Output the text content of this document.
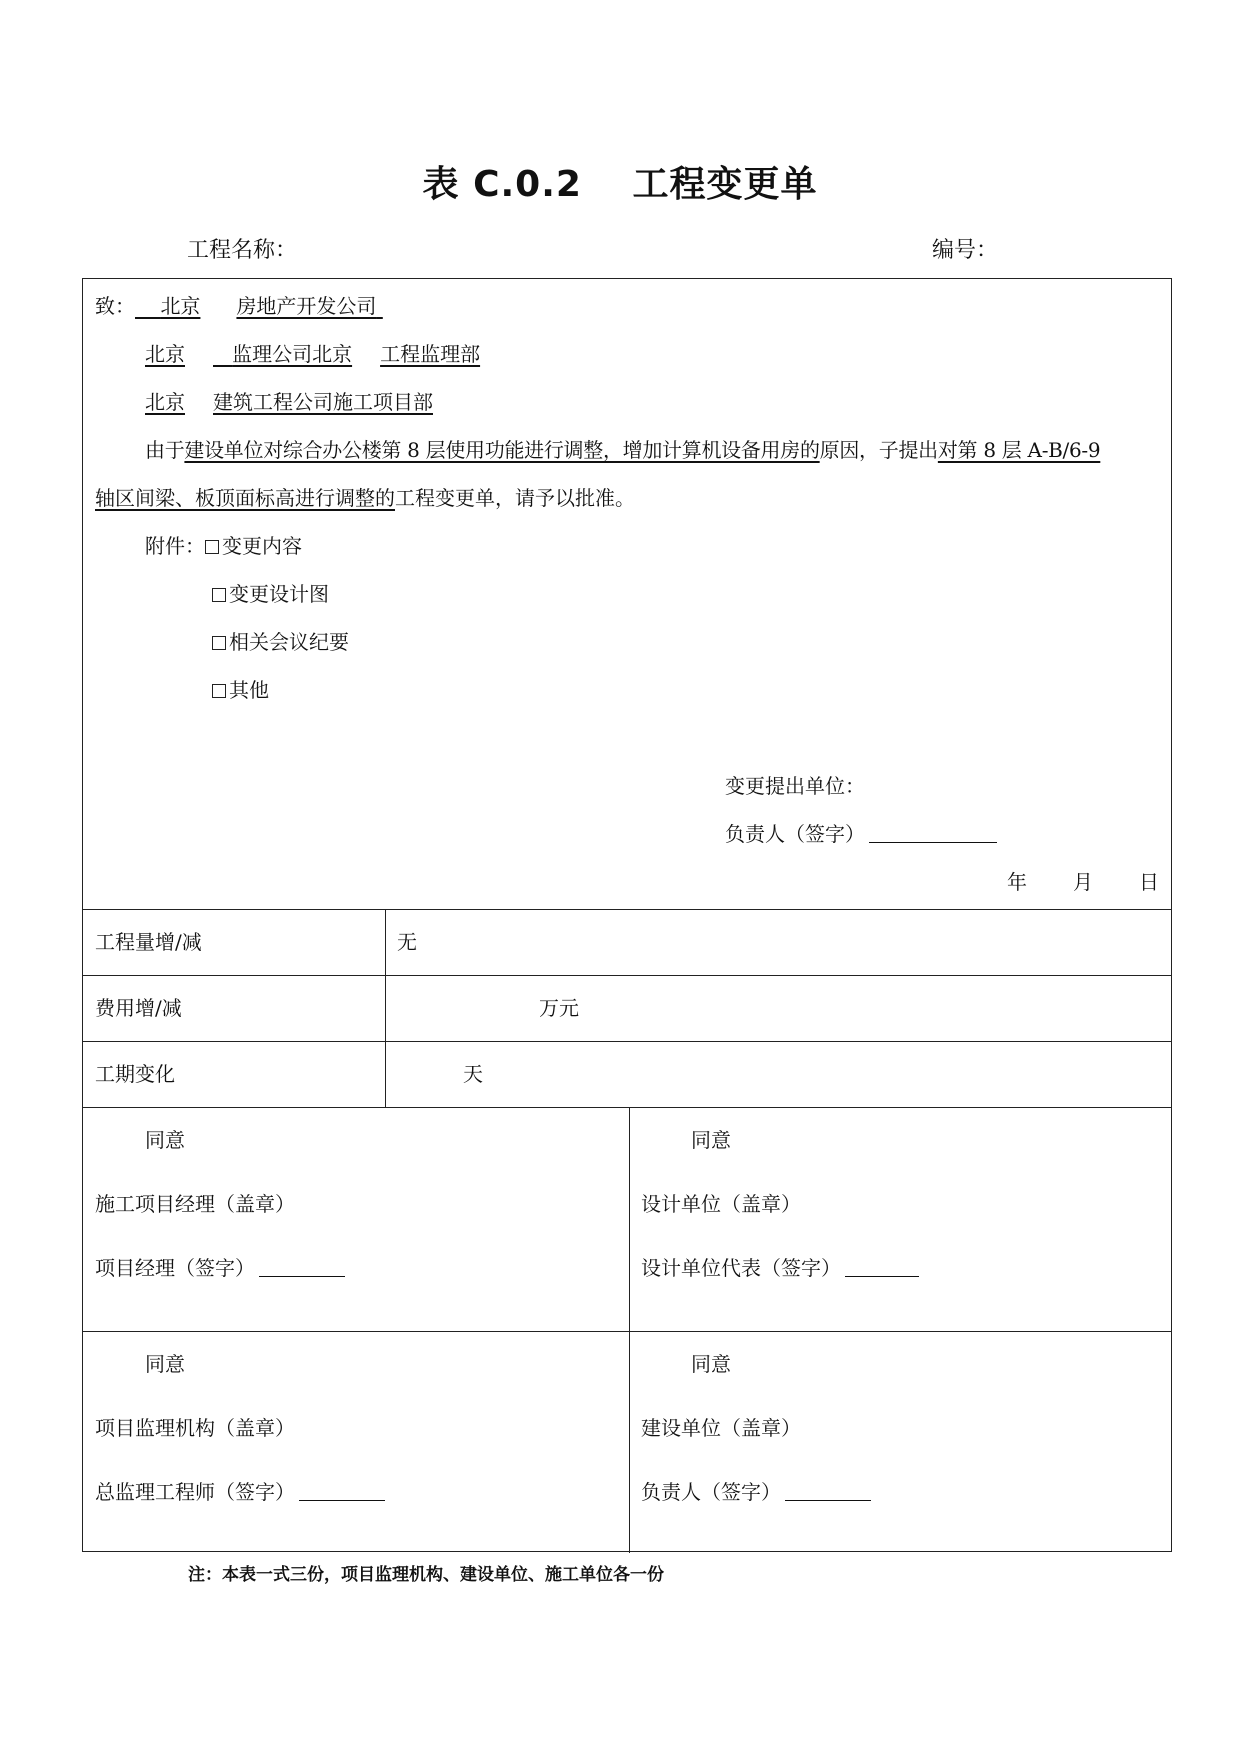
表 C.0.2　 工程变更单
工程名称：	编号：
致： 北京 房地产开发公司
北京 监理公司北京 工程监理部
北京 建筑工程公司施工项目部
由于建设单位对综合办公楼第 8 层使用功能进行调整，增加计算机设备用房的原因，子提出对第 8 层 A-B/6-9
轴区间梁、板顶面标高进行调整的工程变更单，请予以批准。
附件： 变更内容
变更设计图
相关会议纪要
其他
变更提出单位：
负责人（签字）
年 月 日
工程量增/减	无
费用增/减	万元
工期变化	天
同意
施工项目经理（盖章）
项目经理（签字）
同意
设计单位（盖章）
设计单位代表（签字）
同意
项目监理机构（盖章）
总监理工程师（签字）
同意
建设单位（盖章）
负责人（签字）
注：本表一式三份，项目监理机构、建设单位、施工单位各一份
